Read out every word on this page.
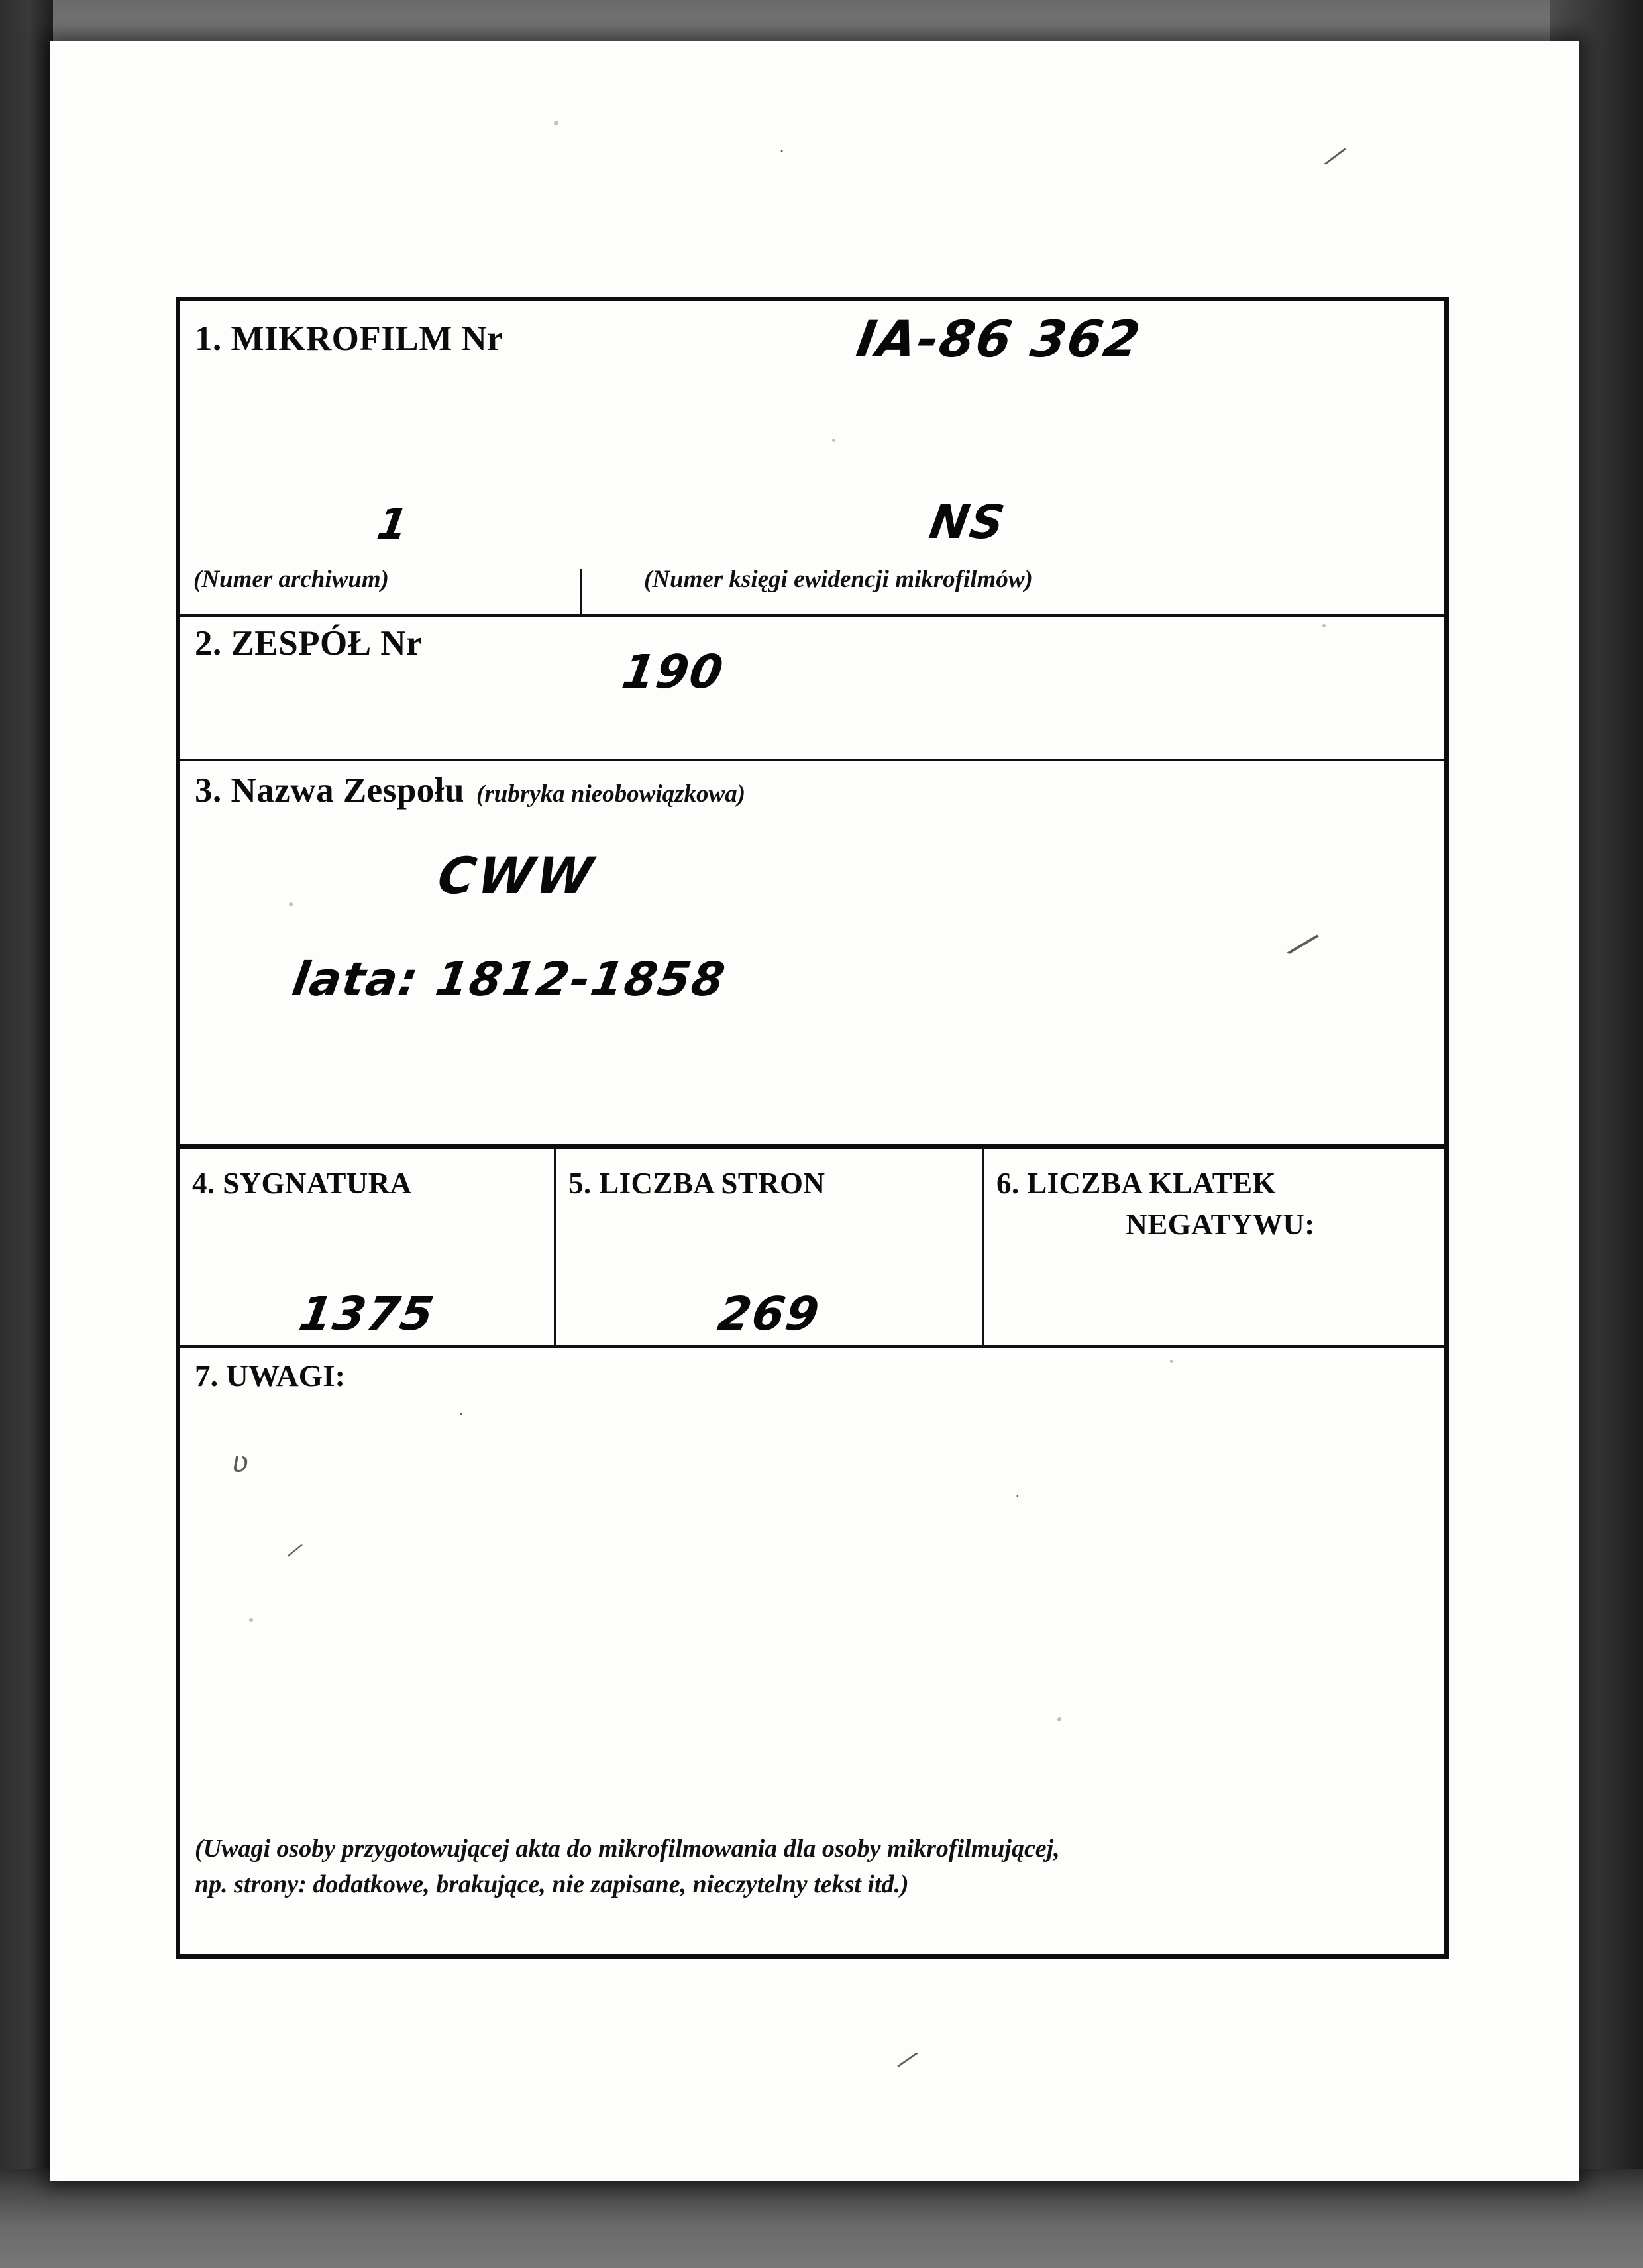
⁄
⁄
⁄
·
1. MIKROFILM Nr	IA-86 362
1	NS
(Numer archiwum)	(Numer księgi ewidencji mikrofilmów)
2. ZESPÓŁ Nr
190
3. Nazwa Zespołu (rubryka nieobowiązkowa)
CWW
lata: 1812-1858
4. SYGNATURA
1375
5. LICZBA STRON
269
6. LICZBA KLATEK
NEGATYWU:
7. UWAGI:
ʋ
⁄
·
·
(Uwagi osoby przygotowującej akta do mikrofilmowania dla osoby mikrofilmującej,
np. strony: dodatkowe, brakujące, nie zapisane, nieczytelny tekst itd.)
